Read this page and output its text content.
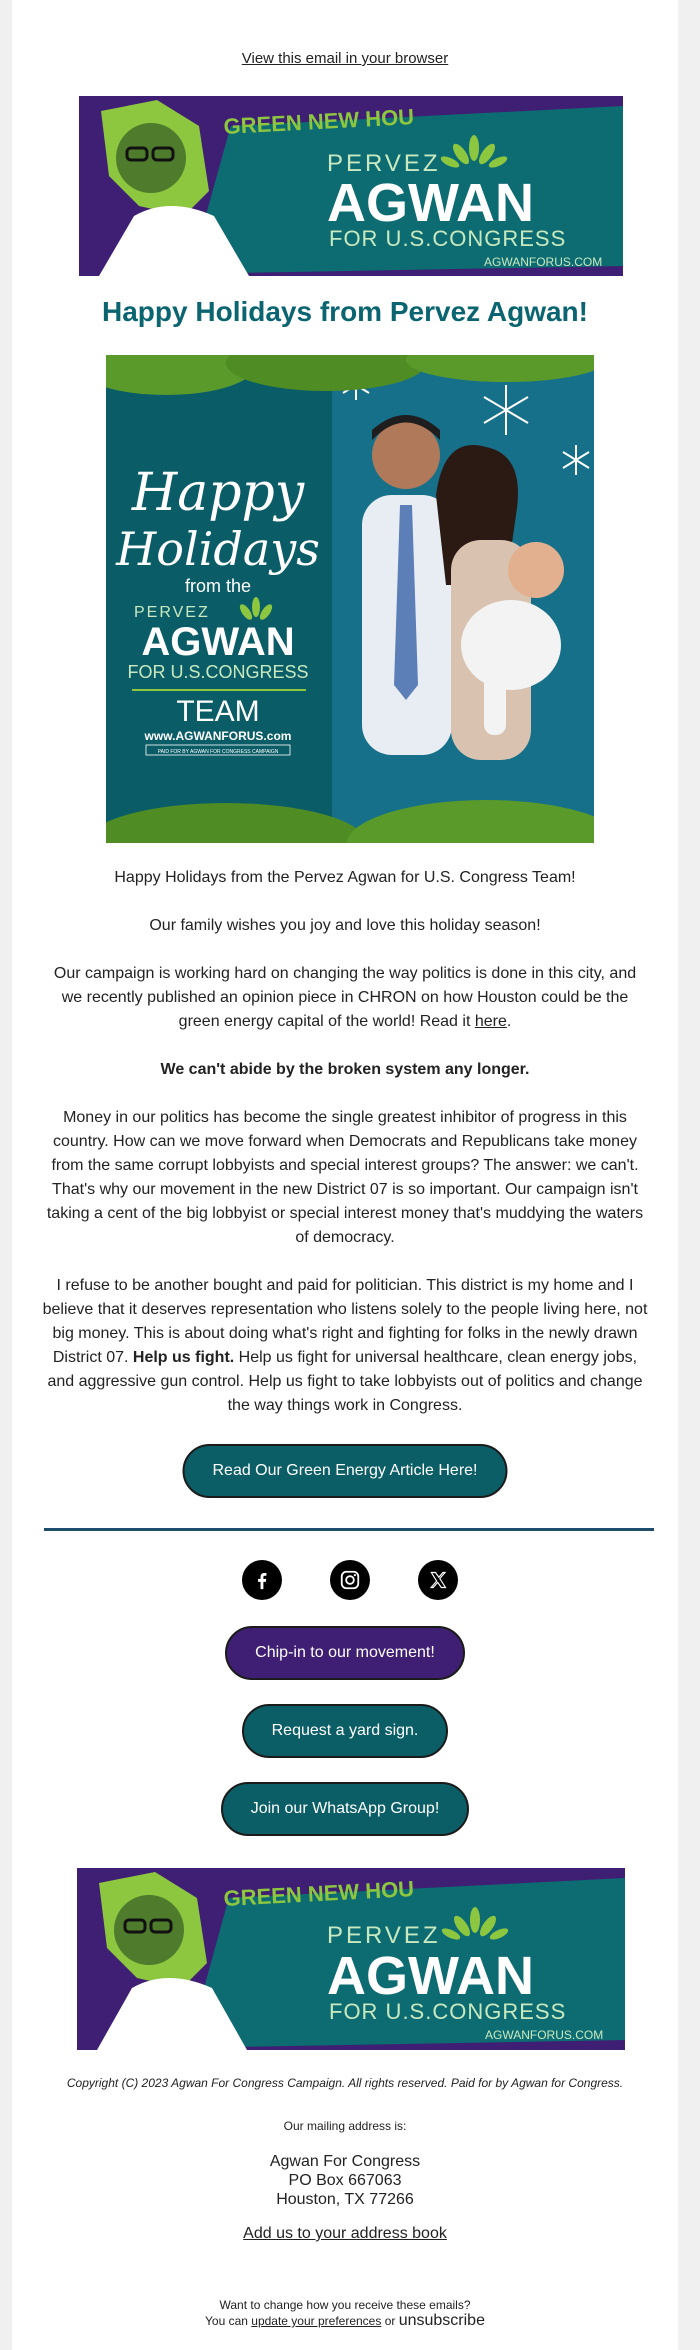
View this email in your browser
GREEN NEW HOU
PERVEZ
AGWAN
FOR U.S.CONGRESS
AGWANFORUS.COM
Happy Holidays from Pervez Agwan!
Happy
Holidays
from the
PERVEZ
AGWAN
FOR U.S.CONGRESS
TEAM
www.AGWANFORUS.com
PAID FOR BY AGWAN FOR CONGRESS CAMPAIGN
Happy Holidays from the Pervez Agwan for U.S. Congress Team!
Our family wishes you joy and love this holiday season!
Our campaign is working hard on changing the way politics is done in this city, and we recently published an opinion piece in CHRON on how Houston could be the green energy capital of the world! Read it here.
We can't abide by the broken system any longer.
Money in our politics has become the single greatest inhibitor of progress in this country. How can we move forward when Democrats and Republicans take money from the same corrupt lobbyists and special interest groups? The answer: we can't. That's why our movement in the new District 07 is so important. Our campaign isn't taking a cent of the big lobbyist or special interest money that's muddying the waters of democracy.
I refuse to be another bought and paid for politician. This district is my home and I believe that it deserves representation who listens solely to the people living here, not big money. This is about doing what's right and fighting for folks in the newly drawn District 07. Help us fight. Help us fight for universal healthcare, clean energy jobs, and aggressive gun control. Help us fight to take lobbyists out of politics and change the way things work in Congress.
Read Our Green Energy Article Here!
Chip-in to our movement!
Request a yard sign.
Join our WhatsApp Group!
GREEN NEW HOU
PERVEZ
AGWAN
FOR U.S.CONGRESS
AGWANFORUS.COM
Copyright (C) 2023 Agwan For Congress Campaign. All rights reserved. Paid for by Agwan for Congress.
Our mailing address is:
Agwan For Congress
PO Box 667063
Houston, TX 77266
Add us to your address book
Want to change how you receive these emails?
You can update your preferences or unsubscribe
